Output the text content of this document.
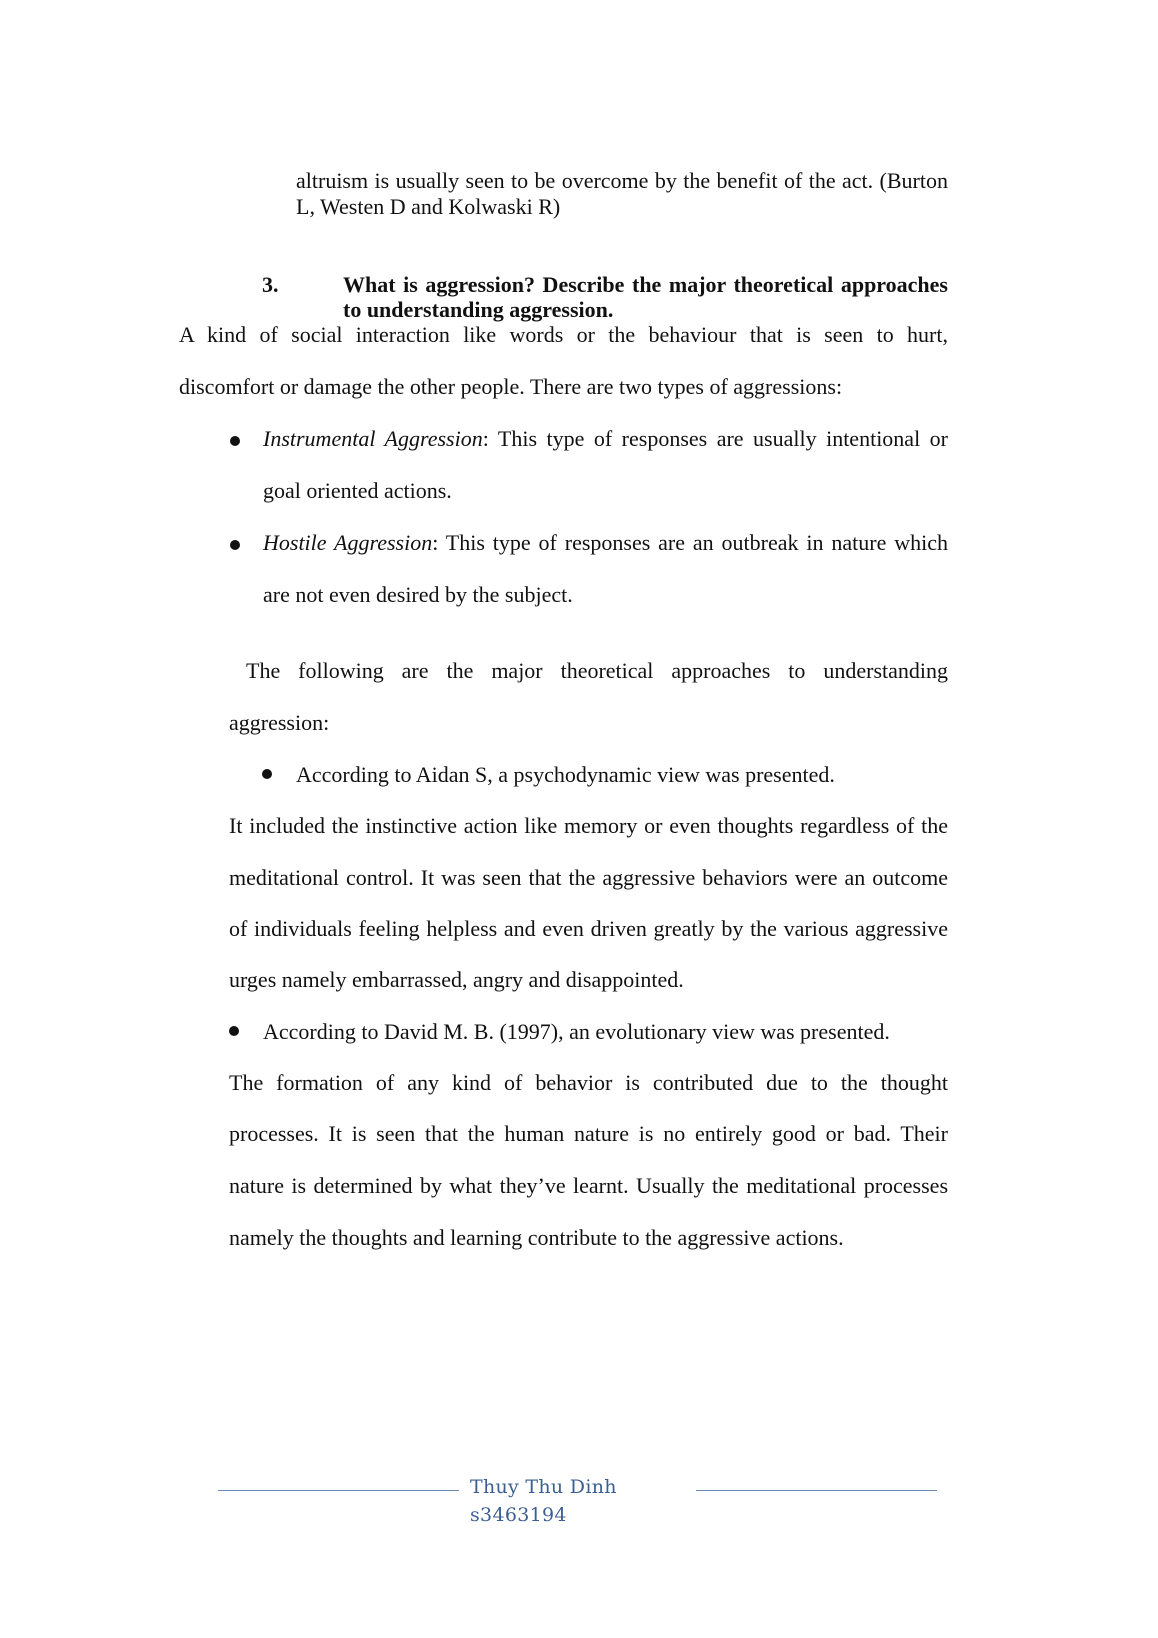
altruism is usually seen to be overcome by the benefit of the act. (Burton
L, Westen D and Kolwaski R)
3.	What is aggression? Describe the major theoretical approaches
to understanding aggression.
A kind of social interaction like words or the behaviour that is seen to hurt,
discomfort or damage the other people. There are two types of aggressions:
Instrumental Aggression: This type of responses are usually intentional or
goal oriented actions.
Hostile Aggression: This type of responses are an outbreak in nature which
are not even desired by the subject.
The following are the major theoretical approaches to understanding
aggression:
According to Aidan S, a psychodynamic view was presented.
It included the instinctive action like memory or even thoughts regardless of the
meditational control. It was seen that the aggressive behaviors were an outcome
of individuals feeling helpless and even driven greatly by the various aggressive
urges namely embarrassed, angry and disappointed.
According to David M. B. (1997), an evolutionary view was presented.
The formation of any kind of behavior is contributed due to the thought
processes. It is seen that the human nature is no entirely good or bad. Their
nature is determined by what they’ve learnt. Usually the meditational processes
namely the thoughts and learning contribute to the aggressive actions.
Thuy Thu Dinh
s3463194
